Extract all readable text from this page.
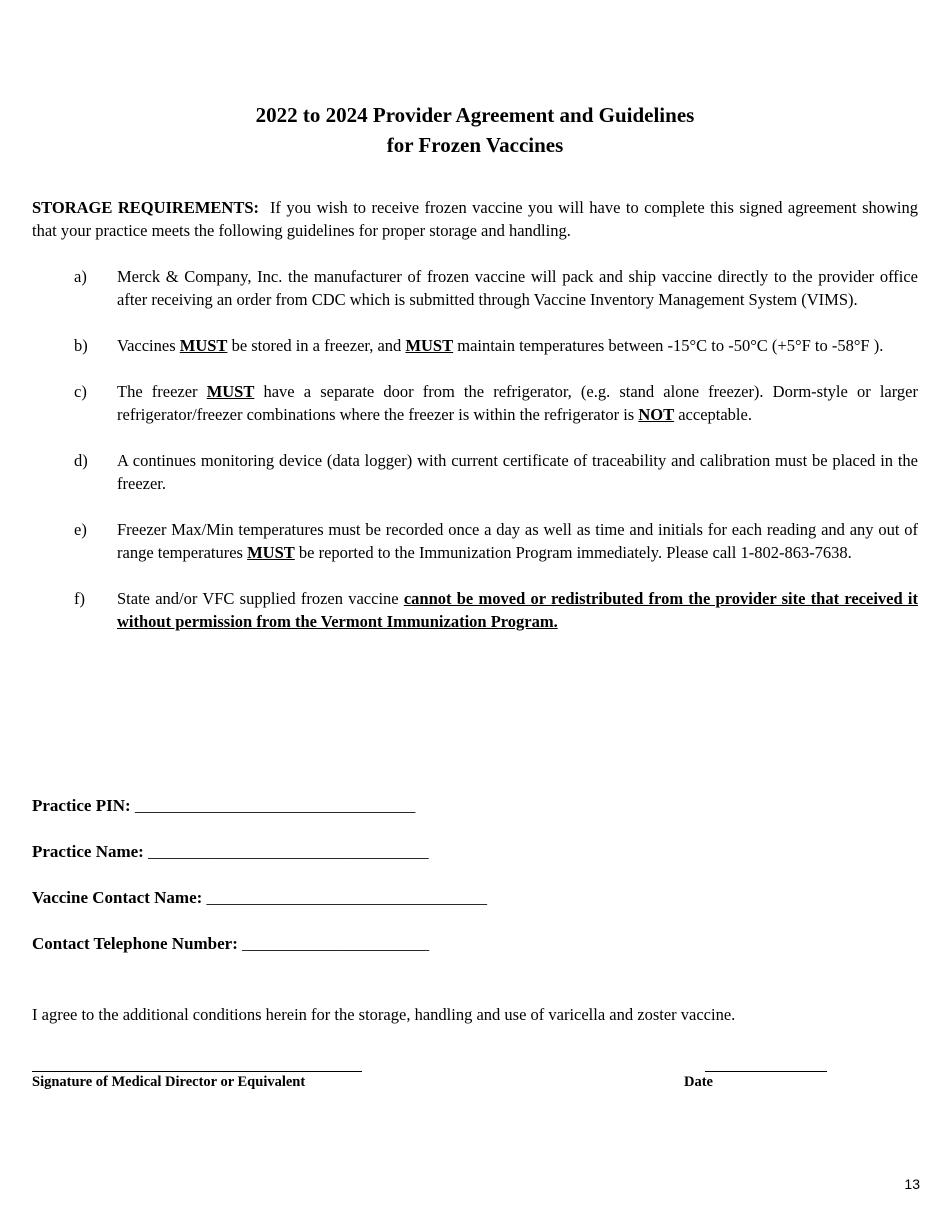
2022 to 2024 Provider Agreement and Guidelines
for Frozen Vaccines
STORAGE REQUIREMENTS: If you wish to receive frozen vaccine you will have to complete this signed agreement showing that your practice meets the following guidelines for proper storage and handling.
a)	Merck & Company, Inc. the manufacturer of frozen vaccine will pack and ship vaccine directly to the provider office after receiving an order from CDC which is submitted through Vaccine Inventory Management System (VIMS).
b)	Vaccines MUST be stored in a freezer, and MUST maintain temperatures between -15°C to -50°C (+5°F to -58°F ).
c)	The freezer MUST have a separate door from the refrigerator, (e.g. stand alone freezer). Dorm-style or larger refrigerator/freezer combinations where the freezer is within the refrigerator is NOT acceptable.
d)	A continues monitoring device (data logger) with current certificate of traceability and calibration must be placed in the freezer.
e)	Freezer Max/Min temperatures must be recorded once a day as well as time and initials for each reading and any out of range temperatures MUST be reported to the Immunization Program immediately. Please call 1-802-863-7638.
f)	State and/or VFC supplied frozen vaccine cannot be moved or redistributed from the provider site that received it without permission from the Vermont Immunization Program.
Practice PIN: _________________________________
Practice Name: _________________________________
Vaccine Contact Name: _________________________________
Contact Telephone Number: ______________________
I agree to the additional conditions herein for the storage, handling and use of varicella and zoster vaccine.
Signature of Medical Director or Equivalent	Date
13
